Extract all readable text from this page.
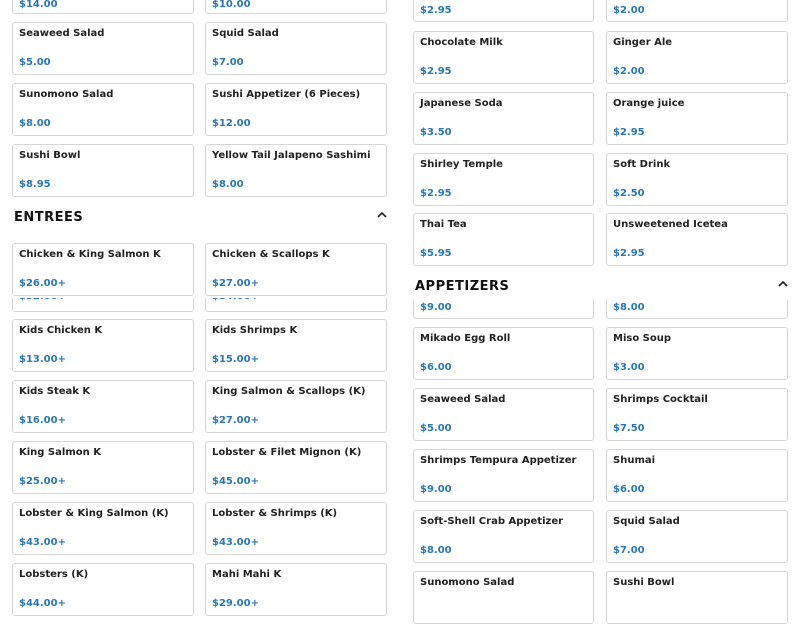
$14.00	$10.00
Seaweed Salad
$5.00
Squid Salad
$7.00
Sunomono Salad
$8.00
Sushi Appetizer (6 Pieces)
$12.00
Sushi Bowl
$8.95
Yellow Tail Jalapeno Sashimi
$8.00
ENTREES
Chicken & King Salmon K
$26.00+
Chicken & Scallops K
$27.00+
Kids Chicken K
$13.00+
Kids Shrimps K
$15.00+
Kids Steak K
$16.00+
King Salmon & Scallops (K)
$27.00+
King Salmon K
$25.00+
Lobster & Filet Mignon (K)
$45.00+
Lobster & King Salmon (K)
$43.00+
Lobster & Shrimps (K)
$43.00+
Lobsters (K)
$44.00+
Mahi Mahi K
$29.00+
$2.95	$2.00
Chocolate Milk
$2.95
Ginger Ale
$2.00
Japanese Soda
$3.50
Orange juice
$2.95
Shirley Temple
$2.95
Soft Drink
$2.50
Thai Tea
$5.95
Unsweetened Icetea
$2.95
$9.00	$8.00
APPETIZERS
Mikado Egg Roll
$6.00
Miso Soup
$3.00
Seaweed Salad
$5.00
Shrimps Cocktail
$7.50
Shrimps Tempura Appetizer
$9.00
Shumai
$6.00
Soft-Shell Crab Appetizer
$8.00
Squid Salad
$7.00
Sunomono Salad	Sushi Bowl
